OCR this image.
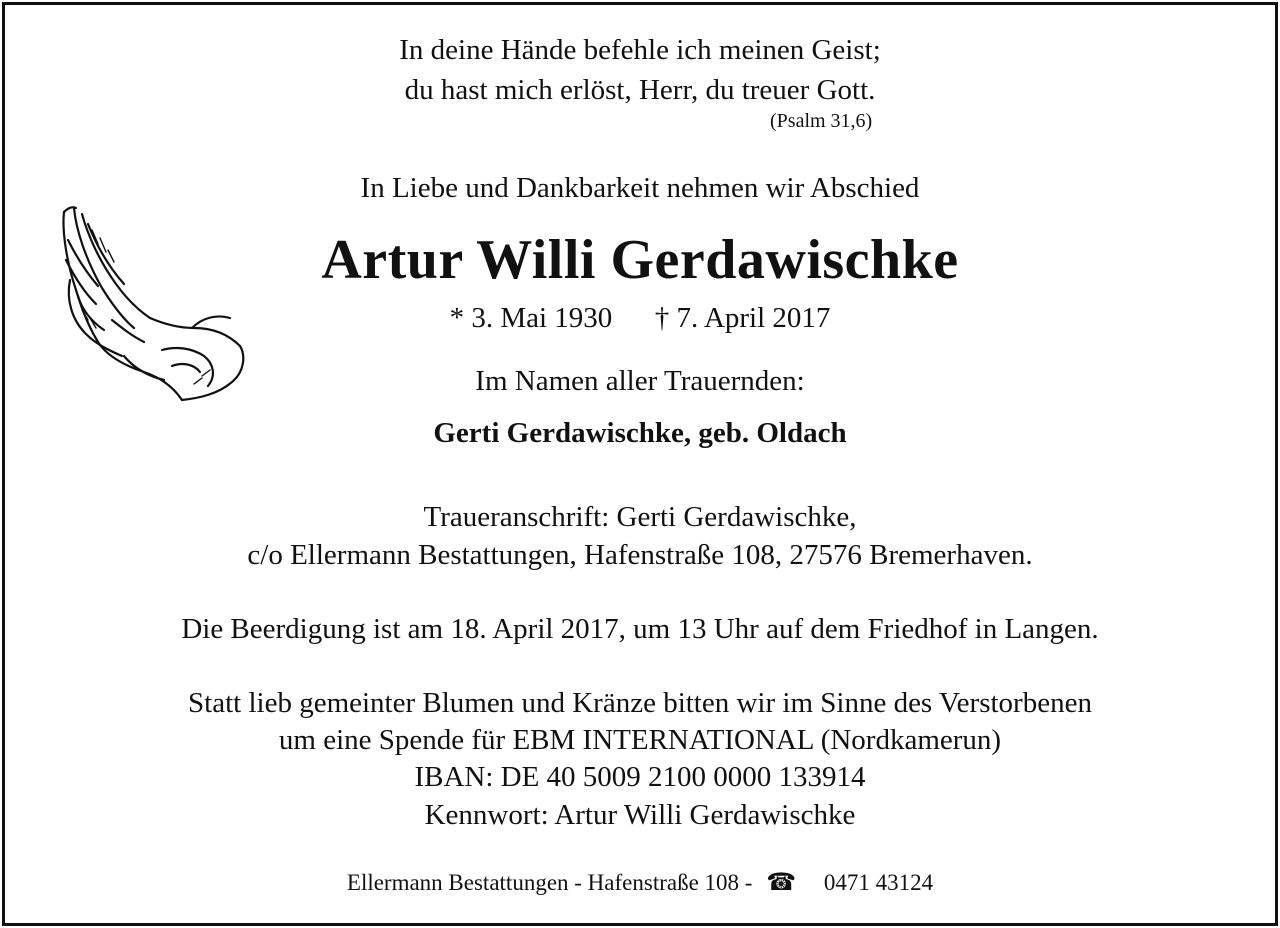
In deine Hände befehle ich meinen Geist;
du hast mich erlöst, Herr, du treuer Gott.
(Psalm 31,6)
In Liebe und Dankbarkeit nehmen wir Abschied
Artur Willi Gerdawischke
* 3. Mai 1930 † 7. April 2017
Im Namen aller Trauernden:
Gerti Gerdawischke, geb. Oldach
Traueranschrift: Gerti Gerdawischke,
c/o Ellermann Bestattungen, Hafenstraße 108, 27576 Bremerhaven.
Die Beerdigung ist am 18. April 2017, um 13 Uhr auf dem Friedhof in Langen.
Statt lieb gemeinter Blumen und Kränze bitten wir im Sinne des Verstorbenen
um eine Spende für EBM INTERNATIONAL (Nordkamerun)
IBAN: DE 40 5009 2100 0000 133914
Kennwort: Artur Willi Gerdawischke
Ellermann Bestattungen - Hafenstraße 108 - ☎ 0471 43124
